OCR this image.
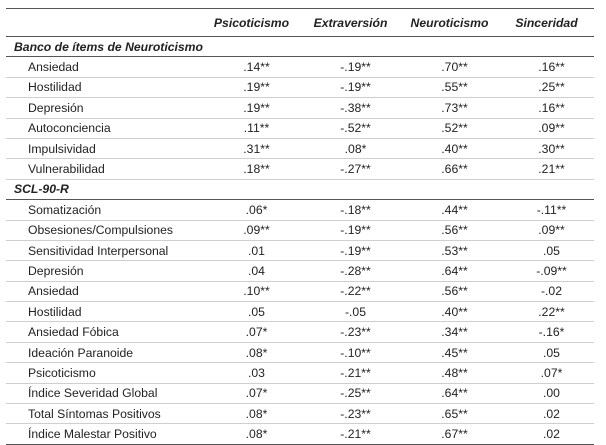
	Psicoticismo	Extraversión	Neuroticismo	Sinceridad
Banco de ítems de Neuroticismo				
Ansiedad	.14**	-.19**	.70**	.16**
Hostilidad	.19**	-.19**	.55**	.25**
Depresión	.19**	-.38**	.73**	.16**
Autoconciencia	.11**	-.52**	.52**	.09**
Impulsividad	.31**	.08*	.40**	.30**
Vulnerabilidad	.18**	-.27**	.66**	.21**
SCL-90-R				
Somatización	.06*	-.18**	.44**	-.11**
Obsesiones/Compulsiones	.09**	-.19**	.56**	.09**
Sensitividad Interpersonal	.01	-.19**	.53**	.05
Depresión	.04	-.28**	.64**	-.09**
Ansiedad	.10**	-.22**	.56**	-.02
Hostilidad	.05	-.05	.40**	.22**
Ansiedad Fóbica	.07*	-.23**	.34**	-.16*
Ideación Paranoide	.08*	-.10**	.45**	.05
Psicoticismo	.03	-.21**	.48**	.07*
Índice Severidad Global	.07*	-.25**	.64**	.00
Total Síntomas Positivos	.08*	-.23**	.65**	.02
Índice Malestar Positivo	.08*	-.21**	.67**	.02
